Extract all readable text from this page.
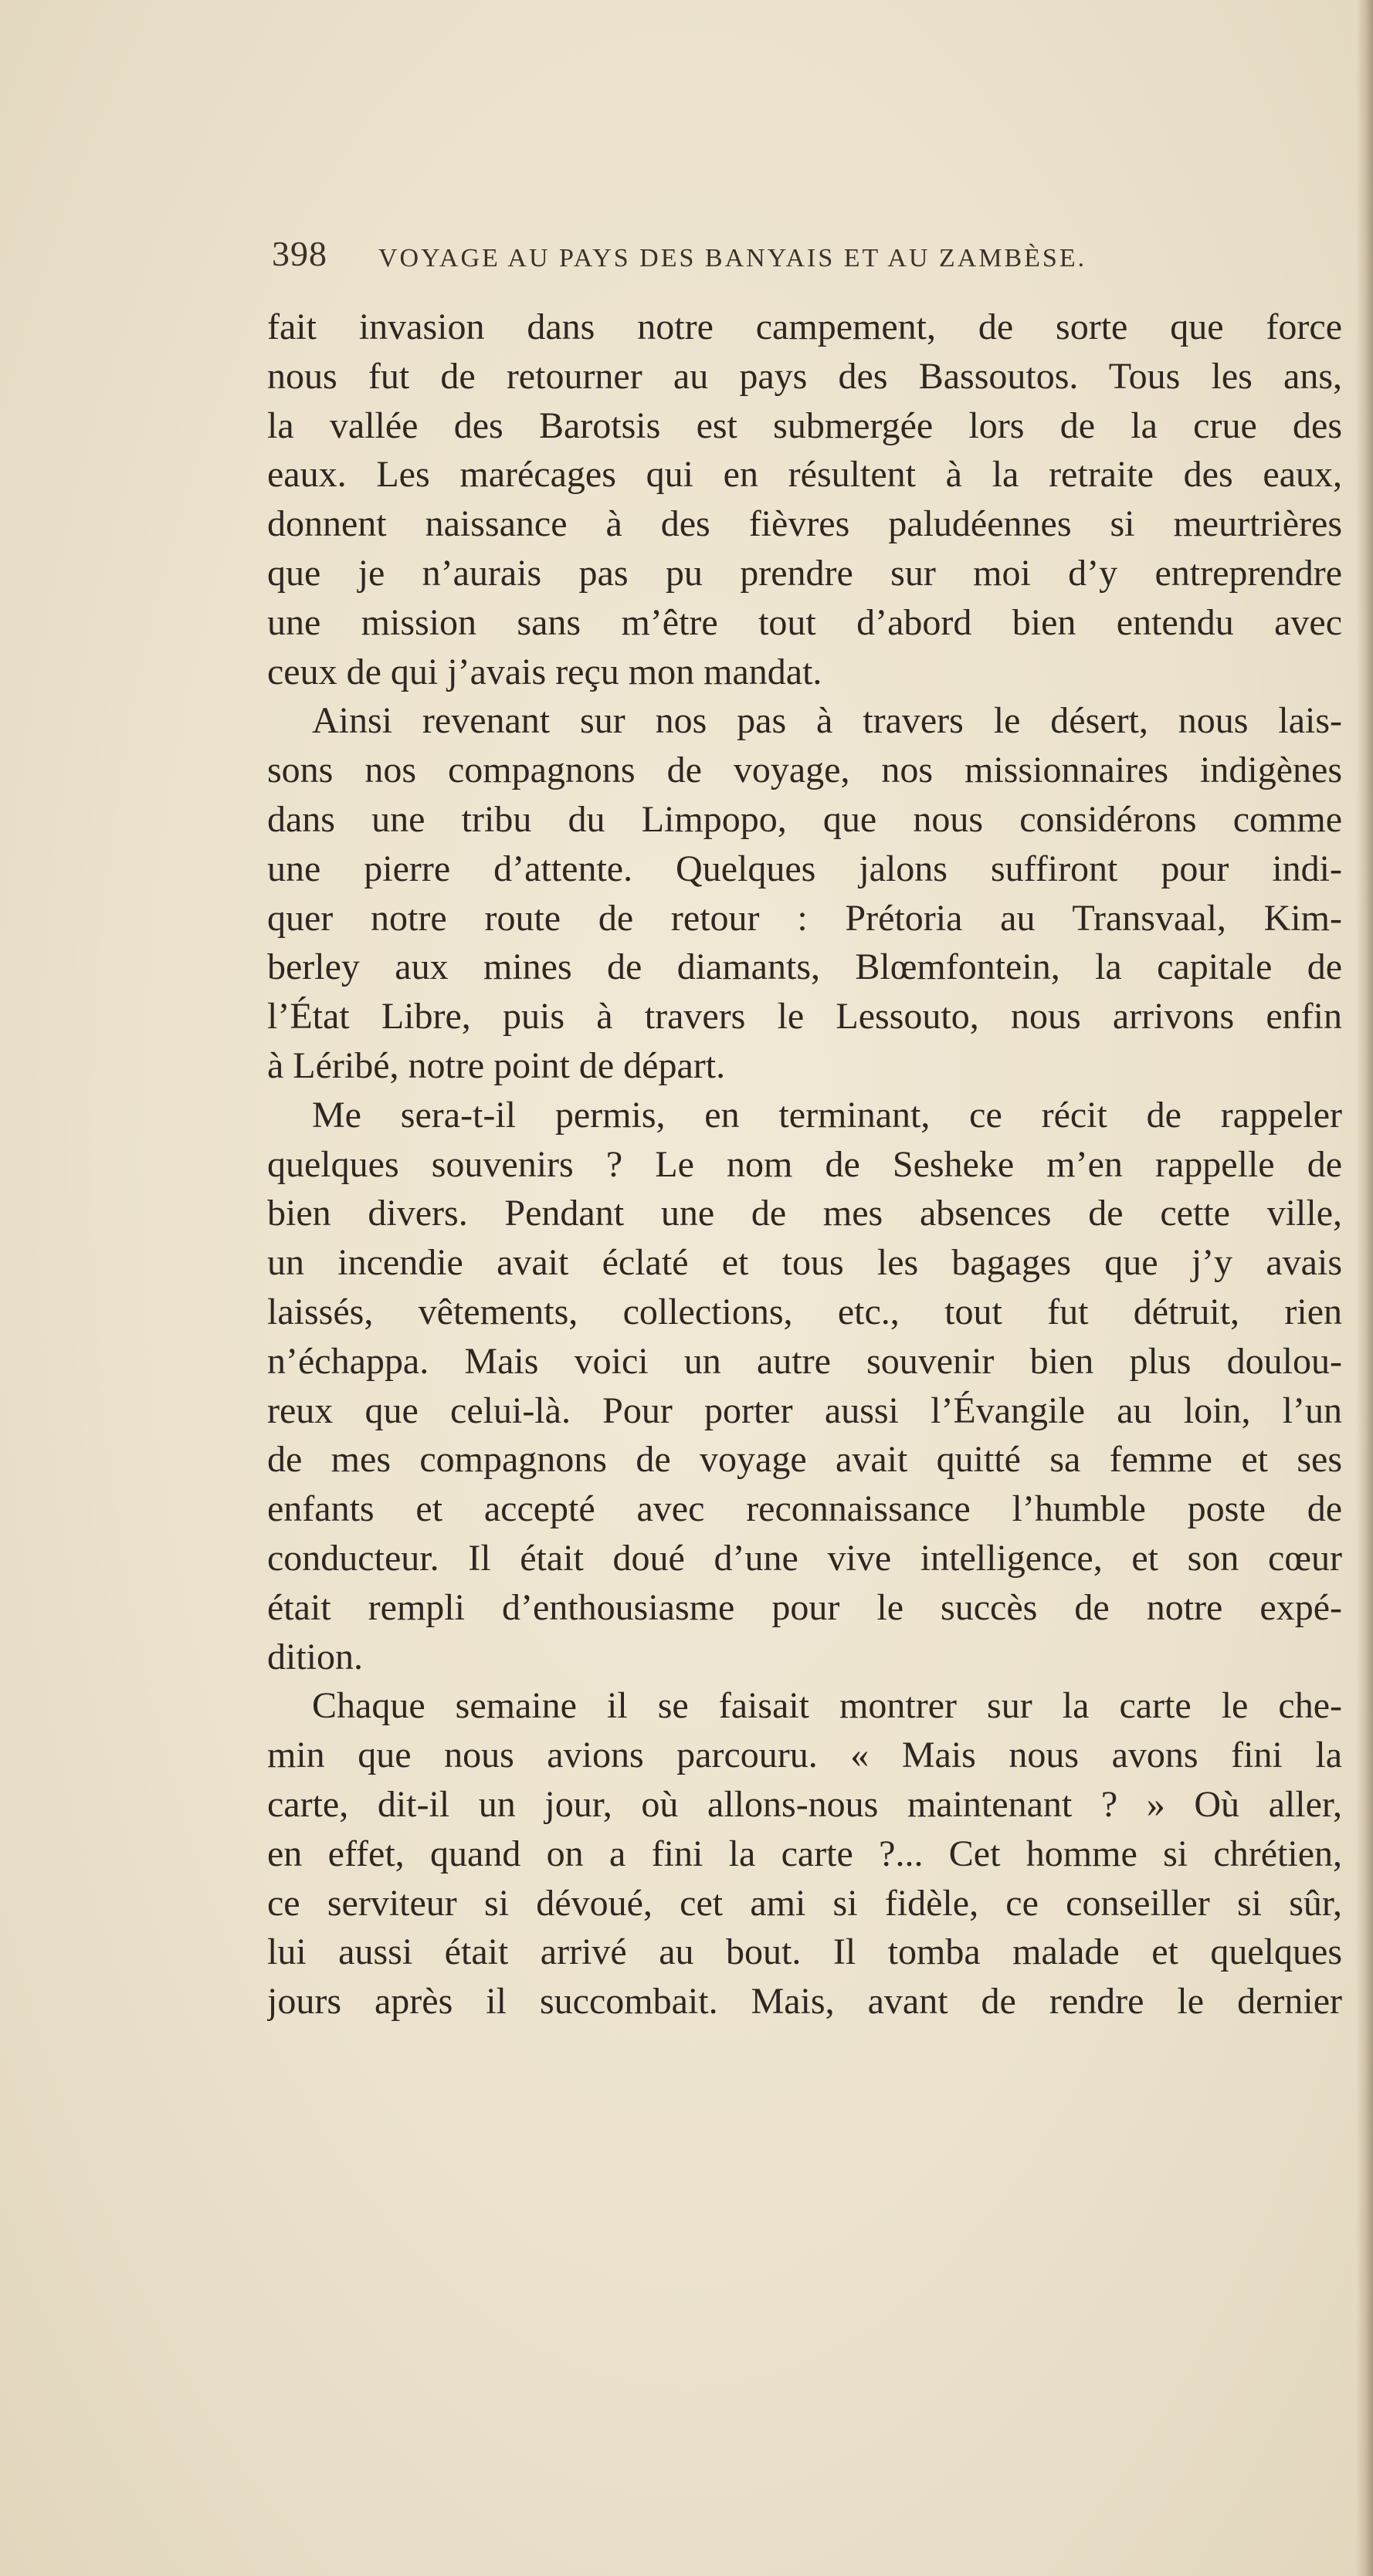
398 VOYAGE AU PAYS DES BANYAIS ET AU ZAMBÈSE.
fait invasion dans notre campement, de sorte que force
nous fut de retourner au pays des Bassoutos. Tous les ans,
la vallée des Barotsis est submergée lors de la crue des
eaux. Les marécages qui en résultent à la retraite des eaux,
donnent naissance à des fièvres paludéennes si meurtrières
que je n’aurais pas pu prendre sur moi d’y entreprendre
une mission sans m’être tout d’abord bien entendu avec
ceux de qui j’avais reçu mon mandat.
Ainsi revenant sur nos pas à travers le désert, nous lais-
sons nos compagnons de voyage, nos missionnaires indigènes
dans une tribu du Limpopo, que nous considérons comme
une pierre d’attente. Quelques jalons suffiront pour indi-
quer notre route de retour : Prétoria au Transvaal, Kim-
berley aux mines de diamants, Blœmfontein, la capitale de
l’État Libre, puis à travers le Lessouto, nous arrivons enfin
à Léribé, notre point de départ.
Me sera-t-il permis, en terminant, ce récit de rappeler
quelques souvenirs ? Le nom de Sesheke m’en rappelle de
bien divers. Pendant une de mes absences de cette ville,
un incendie avait éclaté et tous les bagages que j’y avais
laissés, vêtements, collections, etc., tout fut détruit, rien
n’échappa. Mais voici un autre souvenir bien plus doulou-
reux que celui-là. Pour porter aussi l’Évangile au loin, l’un
de mes compagnons de voyage avait quitté sa femme et ses
enfants et accepté avec reconnaissance l’humble poste de
conducteur. Il était doué d’une vive intelligence, et son cœur
était rempli d’enthousiasme pour le succès de notre expé-
dition.
Chaque semaine il se faisait montrer sur la carte le che-
min que nous avions parcouru. « Mais nous avons fini la
carte, dit-il un jour, où allons-nous maintenant ? » Où aller,
en effet, quand on a fini la carte ?... Cet homme si chrétien,
ce serviteur si dévoué, cet ami si fidèle, ce conseiller si sûr,
lui aussi était arrivé au bout. Il tomba malade et quelques
jours après il succombait. Mais, avant de rendre le dernier
